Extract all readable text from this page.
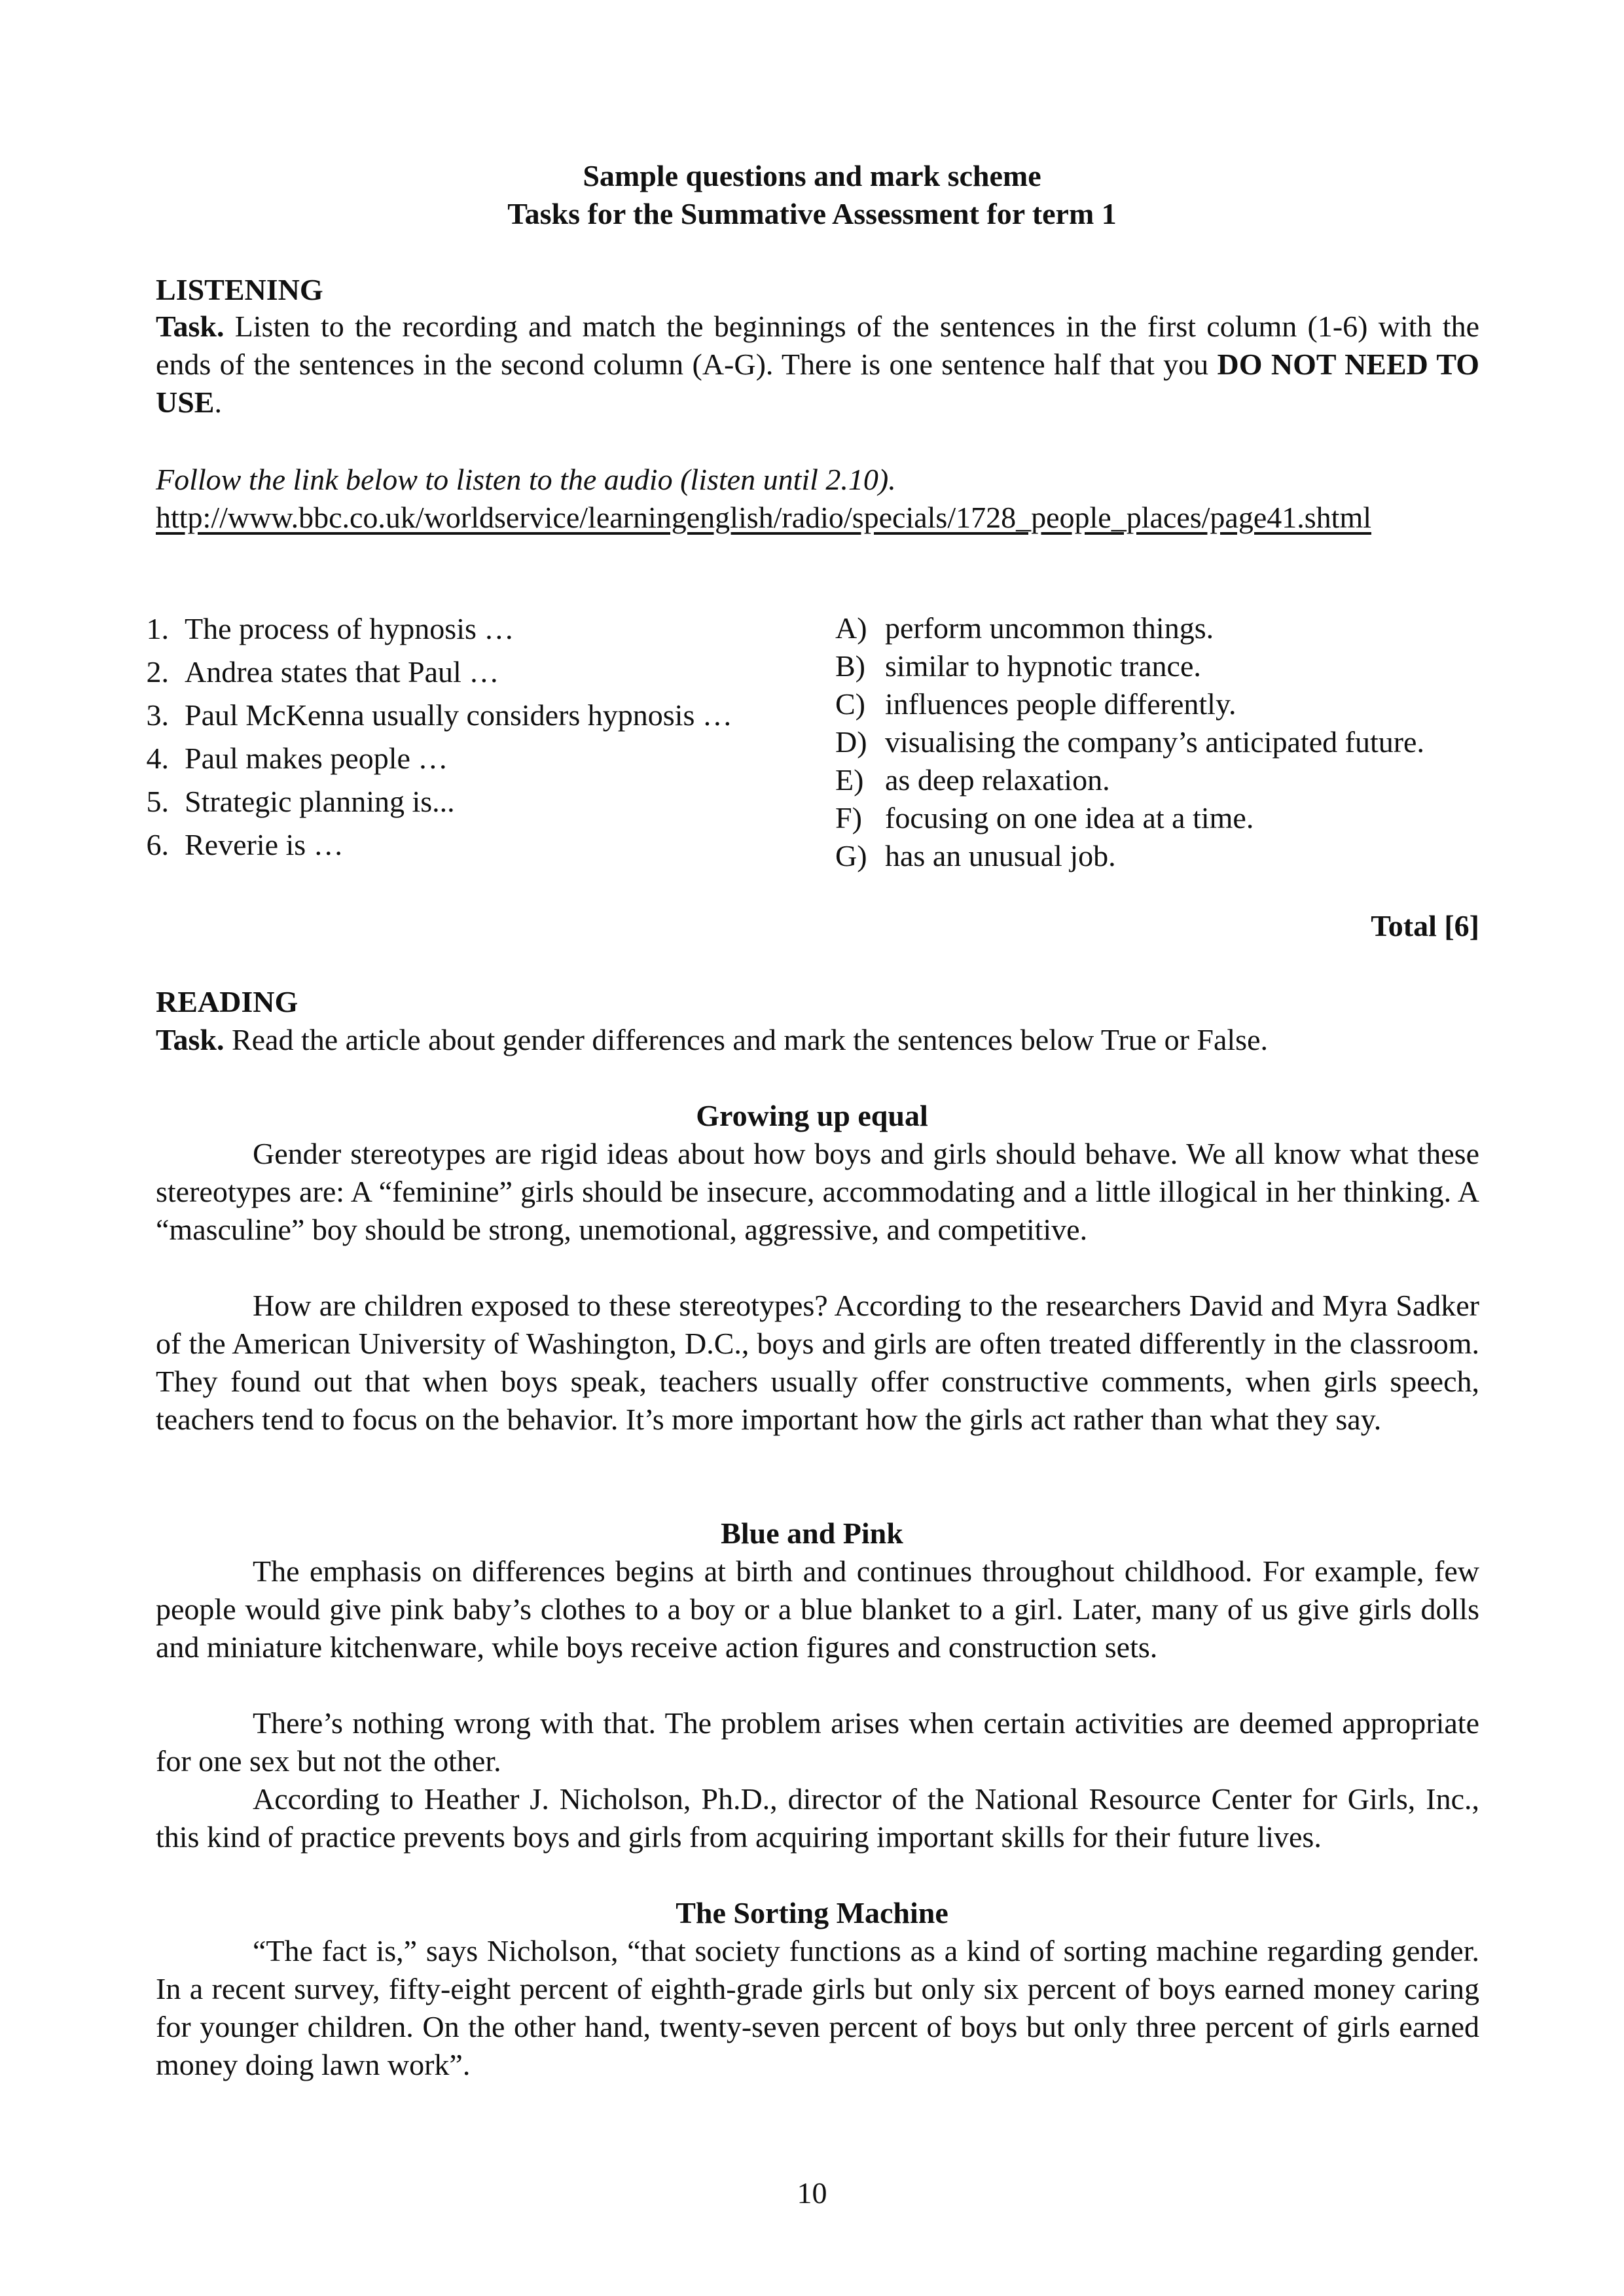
Sample questions and mark scheme
Tasks for the Summative Assessment for term 1
LISTENING
Task. Listen to the recording and match the beginnings of the sentences in the first column (1-6) with the ends of the sentences in the second column (A-G). There is one sentence half that you DO NOT NEED TO USE.
Follow the link below to listen to the audio (listen until 2.10).
http://www.bbc.co.uk/worldservice/learningenglish/radio/specials/1728_people_places/page41.shtml
1. The process of hypnosis …
2. Andrea states that Paul …
3. Paul McKenna usually considers hypnosis …
4. Paul makes people …
5. Strategic planning is...
6. Reverie is …
A) perform uncommon things.
B) similar to hypnotic trance.
C) influences people differently.
D) visualising the company’s anticipated future.
E) as deep relaxation.
F) focusing on one idea at a time.
G) has an unusual job.
Total [6]
READING
Task. Read the article about gender differences and mark the sentences below True or False.
Growing up equal
Gender stereotypes are rigid ideas about how boys and girls should behave. We all know what these stereotypes are: A “feminine” girls should be insecure, accommodating and a little illogical in her thinking. A “masculine” boy should be strong, unemotional, aggressive, and competitive.
How are children exposed to these stereotypes? According to the researchers David and Myra Sadker of the American University of Washington, D.C., boys and girls are often treated differently in the classroom. They found out that when boys speak, teachers usually offer constructive comments, when girls speech, teachers tend to focus on the behavior. It’s more important how the girls act rather than what they say.
Blue and Pink
The emphasis on differences begins at birth and continues throughout childhood. For example, few people would give pink baby’s clothes to a boy or a blue blanket to a girl. Later, many of us give girls dolls and miniature kitchenware, while boys receive action figures and construction sets.
There’s nothing wrong with that. The problem arises when certain activities are deemed appropriate for one sex but not the other.
According to Heather J. Nicholson, Ph.D., director of the National Resource Center for Girls, Inc., this kind of practice prevents boys and girls from acquiring important skills for their future lives.
The Sorting Machine
“The fact is,” says Nicholson, “that society functions as a kind of sorting machine regarding gender. In a recent survey, fifty-eight percent of eighth-grade girls but only six percent of boys earned money caring for younger children. On the other hand, twenty-seven percent of boys but only three percent of girls earned money doing lawn work”.
10
